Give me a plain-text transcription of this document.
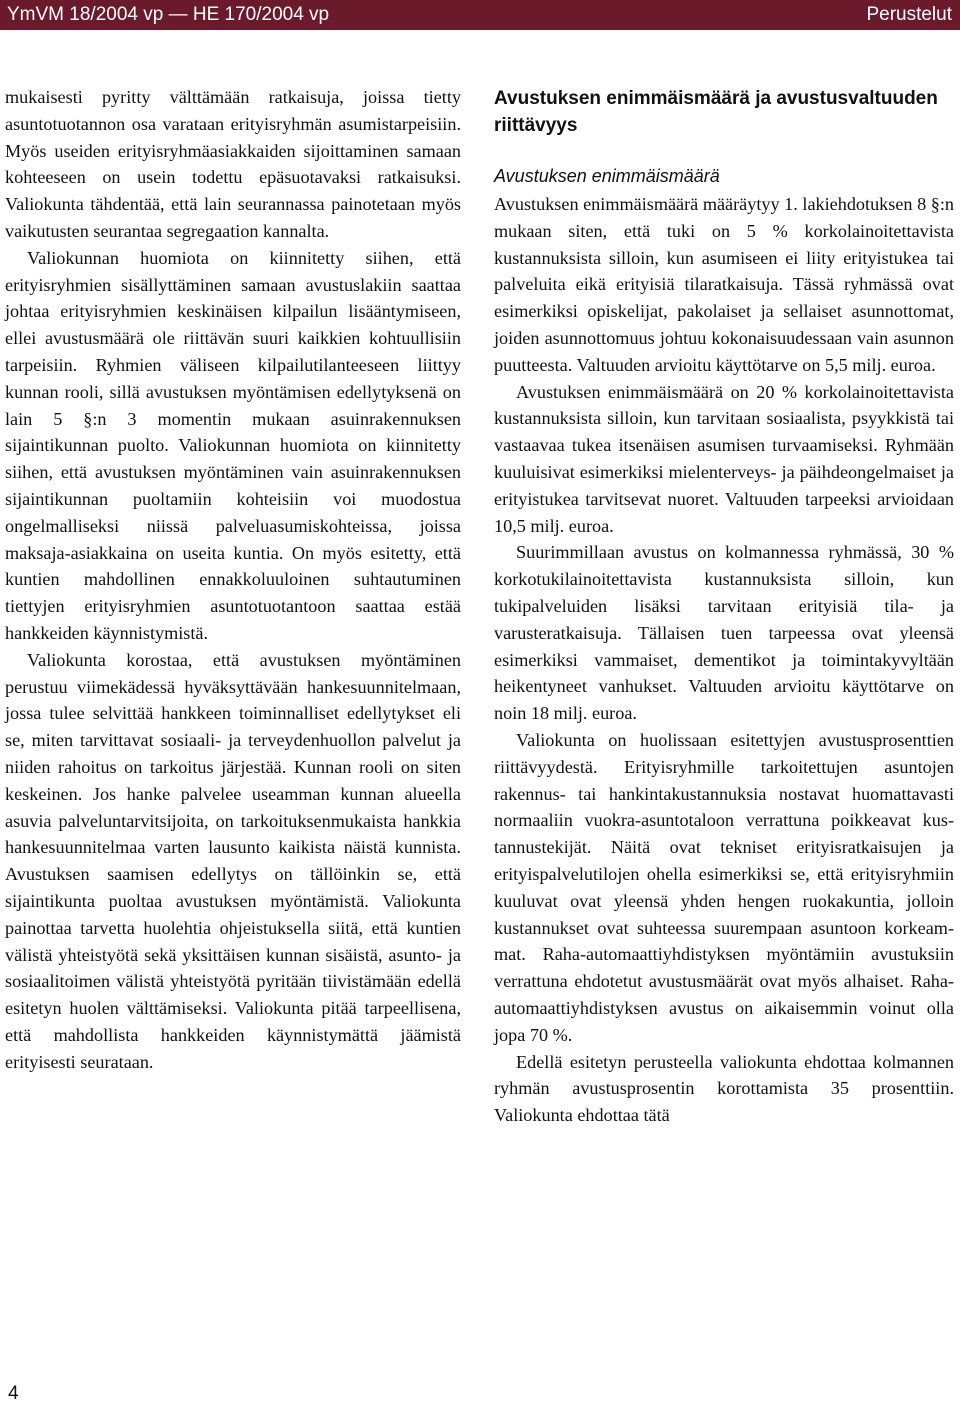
YmVM 18/2004 vp — HE 170/2004 vp	Perustelut

mukaisesti pyritty välttämään ratkaisuja, joissa tietty asuntotuotannon osa varataan erityisryhmän asumistarpeisiin. Myös useiden erityisryhmäasiakkaiden sijoittaminen samaan kohteeseen on usein todettu epäsuotavaksi ratkaisuksi. Valiokunta tähdentää, että lain seurannassa painotetaan myös vaikutusten seurantaa segregaation kannalta.

Valiokunnan huomiota on kiinnitetty siihen, että erityisryhmien sisällyttäminen samaan avustuslakiin saattaa johtaa erityisryhmien keskinäisen kilpailun lisääntymiseen, ellei avustusmäärä ole riittävän suuri kaikkien kohtuullisiin tarpeisiin. Ryhmien väliseen kilpailutilanteeseen liittyy kunnan rooli, sillä avustuksen myöntämisen edellytyksenä on lain 5 §:n 3 momentin mukaan asuinrakennuksen sijaintikunnan puolto. Valiokunnan huomiota on kiinnitetty siihen, että avustuksen myöntäminen vain asuinrakennuksen sijaintikunnan puoltamiin kohteisiin voi muodostua ongelmalliseksi niissä palveluasumiskohteissa, joissa maksaja-asiakkaina on useita kuntia. On myös esitetty, että kuntien mahdollinen ennakkoluuloinen suhtautuminen tiettyjen erityisryhmien asuntotuotantoon saattaa estää hankkeiden käynnistymistä.

Valiokunta korostaa, että avustuksen myöntäminen perustuu viimekädessä hyväksyttävään hankesuunnitelmaan, jossa tulee selvittää hankkeen toiminnalliset edellytykset eli se, miten tarvittavat sosiaali- ja terveydenhuollon palvelut ja niiden rahoitus on tarkoitus järjestää. Kunnan rooli on siten keskeinen. Jos hanke palvelee useamman kunnan alueella asuvia palveluntarvitsijoita, on tarkoituksenmukaista hankkia hankesuunnitelmaa varten lausunto kaikista näistä kunnista. Avustuksen saamisen edellytys on tällöinkin se, että sijaintikunta puoltaa avustuksen myöntämistä. Valiokunta painottaa tarvetta huolehtia ohjeistuksella siitä, että kuntien välistä yhteistyötä sekä yksittäisen kunnan sisäistä, asunto- ja sosiaalitoimen välistä yhteistyötä pyritään tiivistämään edellä esitetyn huolen välttämiseksi. Valiokunta pitää tarpeellisena, että mahdollista hankkeiden käynnistymättä jäämistä erityisesti seurataan.

Avustuksen enimmäismäärä ja avustusvaltuuden riittävyys
Avustuksen enimmäismäärä

Avustuksen enimmäismäärä määräytyy 1. lakiehdotuksen 8 §:n mukaan siten, että tuki on 5 % korkolainoitettavista kustannuksista silloin, kun asumiseen ei liity erityistukea tai palveluita eikä erityisiä tilaratkaisuja. Tässä ryhmässä ovat esimerkiksi opiskelijat, pakolaiset ja sellaiset asunnottomat, joiden asunnottomuus johtuu kokonaisuudessaan vain asunnon puutteesta. Valtuuden arvioitu käyttötarve on 5,5 milj. euroa.

Avustuksen enimmäismäärä on 20 % korkolainoitettavista kustannuksista silloin, kun tarvitaan sosiaalista, psyykkistä tai vastaavaa tukea itsenäisen asumisen turvaamiseksi. Ryhmään kuuluisivat esimerkiksi mielenterveys- ja päihdeongelmaiset ja erityistukea tarvitsevat nuoret. Valtuuden tarpeeksi arvioidaan 10,5 milj. euroa.

Suurimmillaan avustus on kolmannessa ryhmässä, 30 % korkotukilainoitettavista kustannuksista silloin, kun tukipalveluiden lisäksi tarvitaan erityisiä tila- ja varusteratkaisuja. Tällaisen tuen tarpeessa ovat yleensä esimerkiksi vammaiset, dementikot ja toimintakyvyltään heikentyneet vanhukset. Valtuuden arvioitu käyttötarve on noin 18 milj. euroa.

Valiokunta on huolissaan esitettyjen avustusprosenttien riittävyydestä. Erityisryhmille tarkoitettujen asuntojen rakennus- tai hankintakustannuksia nostavat huomattavasti normaaliin vuokra-asuntotaloon verrattuna poikkeavat kustannustekijät. Näitä ovat tekniset erityisratkaisujen ja erityispalvelutilojen ohella esimerkiksi se, että erityisryhmiin kuuluvat ovat yleensä yhden hengen ruokakuntia, jolloin kustannukset ovat suhteessa suurempaan asuntoon korkeammat. Raha-automaattiyhdistyksen myöntämiin avustuksiin verrattuna ehdotetut avustusmäärät ovat myös alhaiset. Raha-automaattiyhdistyksen avustus on aikaisemmin voinut olla jopa 70 %.

Edellä esitetyn perusteella valiokunta ehdottaa kolmannen ryhmän avustusprosentin korottamista 35 prosenttiin. Valiokunta ehdottaa tätä

4
